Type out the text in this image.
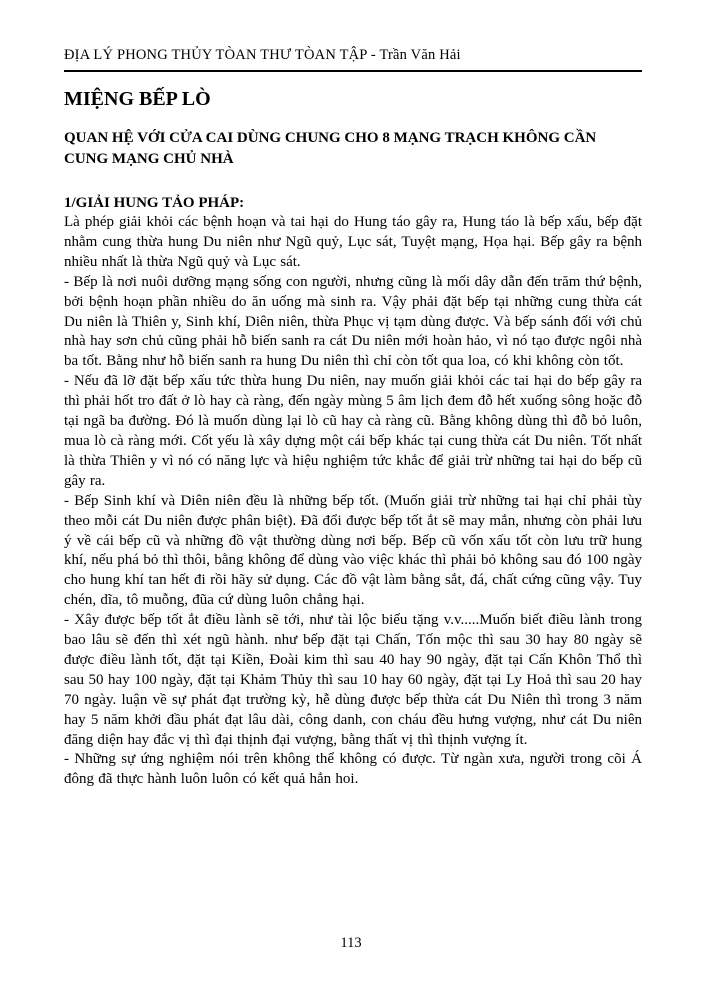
ĐỊA LÝ PHONG THỦY TÒAN THƯ TÒAN TẬP - Trần Văn Hải
MIỆNG BẾP LÒ
QUAN HỆ VỚI CỬA CAI DÙNG CHUNG CHO 8 MẠNG TRẠCH KHÔNG CẦN CUNG MẠNG CHỦ NHÀ
1/GIẢI HUNG TẢO PHÁP:

Là phép giải khỏi các bệnh hoạn và tai hại do Hung táo gây ra, Hung táo là bếp xấu, bếp đặt nhằm cung thừa hung Du niên như Ngũ quỷ, Lục sát, Tuyệt mạng, Họa hại. Bếp gây ra bệnh nhiều nhất là thừa Ngũ quỷ và Lục sát.

- Bếp là nơi nuôi dưỡng mạng sống con người, nhưng cũng là mối dây dẫn đến trăm thứ bệnh, bởi bệnh hoạn phần nhiều do ăn uống mà sinh ra. Vậy phải đặt bếp tại những cung thừa cát Du niên là Thiên y, Sinh khí, Diên niên, thừa Phục vị tạm dùng được. Và bếp sánh đối với chủ nhà hay sơn chủ cũng phải hỗ biến sanh ra cát Du niên mới hoàn hảo, vì nó tạo được ngôi nhà ba tốt. Bằng như hỗ biến sanh ra hung Du niên thì chỉ còn tốt qua loa, có khi không còn tốt.

- Nếu đã lỡ đặt bếp xấu tức thừa hung Du niên, nay muốn giải khỏi các tai hại do bếp gây ra thì phải hốt tro đất ở lò hay cà ràng, đến ngày mùng 5 âm lịch đem đỗ hết xuống sông hoặc đỗ tại ngã ba đường. Đó là muốn dùng lại lò cũ hay cà ràng cũ. Bằng không dùng thì đỗ bỏ luôn, mua lò cà ràng mới. Cốt yếu là xây dựng một cái bếp khác tại cung thừa cát Du niên. Tốt nhất là thừa Thiên y vì nó có năng lực và hiệu nghiệm tức khắc để giải trừ những tai hại do bếp cũ gây ra.

- Bếp Sinh khí và Diên niên đều là những bếp tốt. (Muốn giải trừ những tai hại chỉ phải tùy theo mỗi cát Du niên được phân biệt). Đã đổi được bếp tốt ắt sẽ may mắn, nhưng còn phải lưu ý về cái bếp cũ và những đồ vật thường dùng nơi bếp. Bếp cũ vốn xấu tốt còn lưu trữ hung khí, nếu phá bỏ thì thôi, bằng không để dùng vào việc khác thì phải bỏ không sau đó 100 ngày cho hung khí tan hết đi rồi hãy sử dụng. Các đồ vật làm bằng sắt, đá, chất cứng cũng vậy. Tuy chén, dĩa, tô muỗng, đũa cứ dùng luôn chẳng hại.

- Xây được bếp tốt ắt điều lành sẽ tới, như tài lộc biếu tặng v.v.....Muốn biết điều lành trong bao lâu sẽ đến thì xét ngũ hành. như bếp đặt tại Chấn, Tốn mộc thì sau 30 hay 80 ngày sẽ được điều lành tốt, đặt tại Kiền, Đoài kim thì sau 40 hay 90 ngày, đặt tại Cấn Khôn Thổ thì sau 50 hay 100 ngày, đặt tại Khảm Thủy thì sau 10 hay 60 ngày, đặt tại Ly Hoả thì sau 20 hay 70 ngày. luận về sự phát đạt trường kỳ, hễ dùng được bếp thừa cát Du Niên thì trong 3 năm hay 5 năm khởi đầu phát đạt lâu dài, công danh, con cháu đều hưng vượng, như cát Du niên đăng diện hay đắc vị thì đại thịnh đại vượng, bằng thất vị thì thịnh vượng ít.

- Những sự ứng nghiệm nói trên không thể không có được. Từ ngàn xưa, người trong cõi Á đông đã thực hành luôn luôn có kết quả hẳn hoi.

113
